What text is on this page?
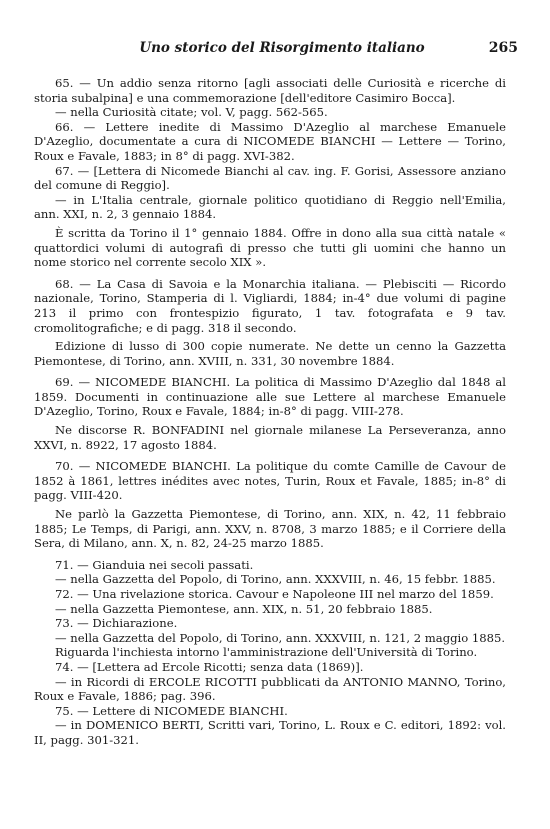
Uno storico del Risorgimento italiano	265

65. — Un addio senza ritorno [agli associati delle Curiosità e ricerche di storia subalpina] e una commemorazione [dell'editore Casimiro Bocca].

— nella Curiosità citate; vol. V, pagg. 562-565.

66. — Lettere inedite di Massimo D'Azeglio al marchese Emanuele D'Azeglio, documentate a cura di NICOMEDE BIANCHI — Lettere — Torino, Roux e Favale, 1883; in 8° di pagg. XVI-382.

67. — [Lettera di Nicomede Bianchi al cav. ing. F. Gorisi, Assessore anziano del comune di Reggio].

— in L'Italia centrale, giornale politico quotidiano di Reggio nell'Emilia, ann. XXI, n. 2, 3 gennaio 1884.

È scritta da Torino il 1° gennaio 1884. Offre in dono alla sua città natale « quattordici volumi di autografi di presso che tutti gli uomini che hanno un nome storico nel corrente secolo XIX ».

68. — La Casa di Savoia e la Monarchia italiana. — Plebisciti — Ricordo nazionale, Torino, Stamperia di l. Vigliardi, 1884; in-4° due volumi di pagine 213 il primo con frontespizio figurato, 1 tav. fotografata e 9 tav. cromolitografiche; e di pagg. 318 il secondo.

Edizione di lusso di 300 copie numerate. Ne dette un cenno la Gazzetta Piemontese, di Torino, ann. XVIII, n. 331, 30 novembre 1884.

69. — NICOMEDE BIANCHI. La politica di Massimo D'Azeglio dal 1848 al 1859. Documenti in continuazione alle sue Lettere al marchese Emanuele D'Azeglio, Torino, Roux e Favale, 1884; in-8° di pagg. VIII-278.

Ne discorse R. BONFADINI nel giornale milanese La Perseveranza, anno XXVI, n. 8922, 17 agosto 1884.

70. — NICOMEDE BIANCHI. La politique du comte Camille de Cavour de 1852 à 1861, lettres inédites avec notes, Turin, Roux et Favale, 1885; in-8° di pagg. VIII-420.

Ne parlò la Gazzetta Piemontese, di Torino, ann. XIX, n. 42, 11 febbraio 1885; Le Temps, di Parigi, ann. XXV, n. 8708, 3 marzo 1885; e il Corriere della Sera, di Milano, ann. X, n. 82, 24-25 marzo 1885.

71. — Gianduia nei secoli passati.

— nella Gazzetta del Popolo, di Torino, ann. XXXVIII, n. 46, 15 febbr. 1885.

72. — Una rivelazione storica. Cavour e Napoleone III nel marzo del 1859.

— nella Gazzetta Piemontese, ann. XIX, n. 51, 20 febbraio 1885.

73. — Dichiarazione.

— nella Gazzetta del Popolo, di Torino, ann. XXXVIII, n. 121, 2 maggio 1885.

Riguarda l'inchiesta intorno l'amministrazione dell'Università di Torino.

74. — [Lettera ad Ercole Ricotti; senza data (1869)].

— in Ricordi di ERCOLE RICOTTI pubblicati da ANTONIO MANNO, Torino, Roux e Favale, 1886; pag. 396.

75. — Lettere di NICOMEDE BIANCHI.

— in DOMENICO BERTI, Scritti vari, Torino, L. Roux e C. editori, 1892: vol. II, pagg. 301-321.
